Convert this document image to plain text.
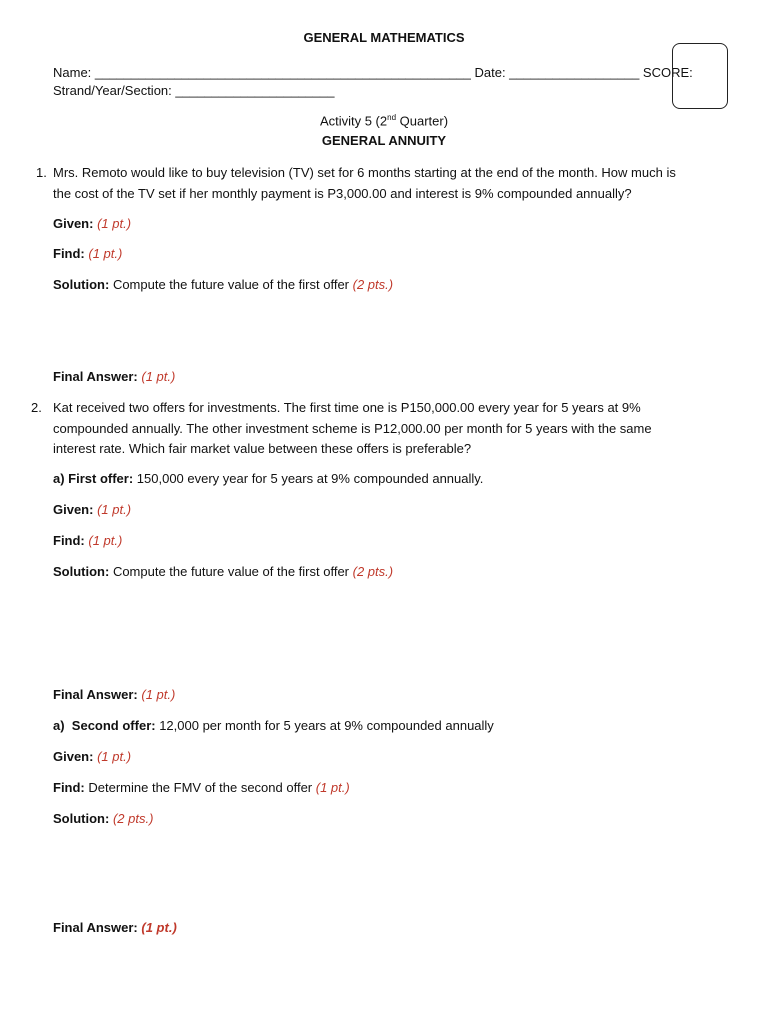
GENERAL MATHEMATICS
Name: ____________________________________________________ Date: __________________ SCORE:
Strand/Year/Section: ______________________
Activity 5 (2nd Quarter)
GENERAL ANNUITY
1. Mrs. Remoto would like to buy television (TV) set for 6 months starting at the end of the month. How much is
the cost of the TV set if her monthly payment is P3,000.00 and interest is 9% compounded annually?
Given: (1 pt.)
Find: (1 pt.)
Solution: Compute the future value of the first offer (2 pts.)
Final Answer: (1 pt.)
2. Kat received two offers for investments. The first time one is P150,000.00 every year for 5 years at 9%
compounded annually. The other investment scheme is P12,000.00 per month for 5 years with the same
interest rate. Which fair market value between these offers is preferable?
a) First offer: 150,000 every year for 5 years at 9% compounded annually.
Given: (1 pt.)
Find: (1 pt.)
Solution: Compute the future value of the first offer (2 pts.)
Final Answer: (1 pt.)
a)  Second offer: 12,000 per month for 5 years at 9% compounded annually
Given: (1 pt.)
Find: Determine the FMV of the second offer (1 pt.)
Solution: (2 pts.)
Final Answer: (1 pt.)
